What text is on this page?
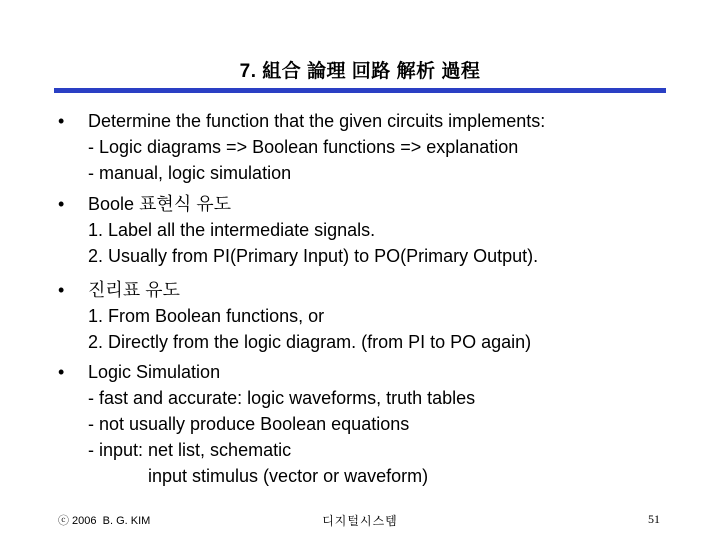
7. 組合 論理 回路 解析 過程
• Determine the function that the given circuits implements:
- Logic diagrams => Boolean functions => explanation
- manual, logic simulation
• Boole 표현식 유도
1. Label all the intermediate signals.
2. Usually from PI(Primary Input) to PO(Primary Output).
• 진리표 유도
1. From Boolean functions, or
2. Directly from the logic diagram. (from PI to PO again)
• Logic Simulation
- fast and accurate: logic waveforms, truth tables
- not usually produce Boolean equations
- input: net list, schematic
input stimulus (vector or waveform)
ⓒ 2006  B. G. KIM	디지털시스템	51
